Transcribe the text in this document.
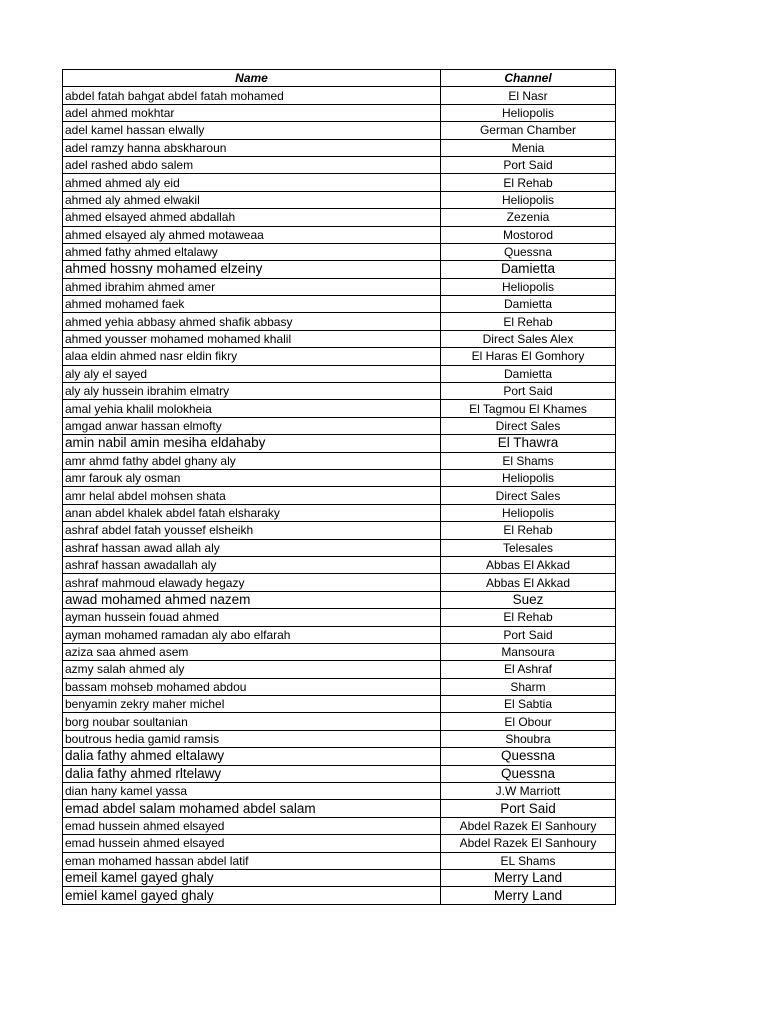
Name	Channel
abdel fatah bahgat abdel fatah mohamed	El Nasr
adel ahmed mokhtar	Heliopolis
adel kamel hassan elwally	German Chamber
adel ramzy hanna abskharoun	Menia
adel rashed abdo salem	Port Said
ahmed ahmed aly eid	El Rehab
ahmed aly ahmed elwakil	Heliopolis
ahmed elsayed ahmed abdallah	Zezenia
ahmed elsayed aly ahmed motaweaa	Mostorod
ahmed fathy ahmed eltalawy	Quessna
ahmed hossny mohamed elzeiny	Damietta
ahmed ibrahim ahmed amer	Heliopolis
ahmed mohamed faek	Damietta
ahmed yehia abbasy ahmed shafik abbasy	El Rehab
ahmed yousser mohamed mohamed khalil	Direct Sales Alex
alaa eldin ahmed nasr eldin fikry	El Haras El Gomhory
aly aly el sayed	Damietta
aly aly hussein ibrahim elmatry	Port Said
amal yehia khalil molokheia	El Tagmou El Khames
amgad anwar hassan elmofty	Direct Sales
amin nabil amin mesiha eldahaby	El Thawra
amr ahmd fathy abdel ghany aly	El Shams
amr farouk aly osman	Heliopolis
amr helal abdel mohsen shata	Direct Sales
anan abdel khalek abdel fatah elsharaky	Heliopolis
ashraf abdel fatah youssef elsheikh	El Rehab
ashraf hassan awad allah aly	Telesales
ashraf hassan awadallah aly	Abbas El Akkad
ashraf mahmoud elawady hegazy	Abbas El Akkad
awad mohamed ahmed nazem	Suez
ayman hussein fouad ahmed	El Rehab
ayman mohamed ramadan aly abo elfarah	Port Said
aziza saa ahmed asem	Mansoura
azmy salah ahmed aly	El Ashraf
bassam mohseb mohamed abdou	Sharm
benyamin zekry maher michel	El Sabtia
borg noubar soultanian	El Obour
boutrous hedia gamid ramsis	Shoubra
dalia fathy ahmed eltalawy	Quessna
dalia fathy ahmed rltelawy	Quessna
dian hany kamel yassa	J.W Marriott
emad abdel salam mohamed abdel salam	Port Said
emad hussein ahmed elsayed	Abdel Razek El Sanhoury
emad hussein ahmed elsayed	Abdel Razek El Sanhoury
eman mohamed hassan abdel latif	EL Shams
emeil kamel gayed ghaly	Merry Land
emiel kamel gayed ghaly	Merry Land
